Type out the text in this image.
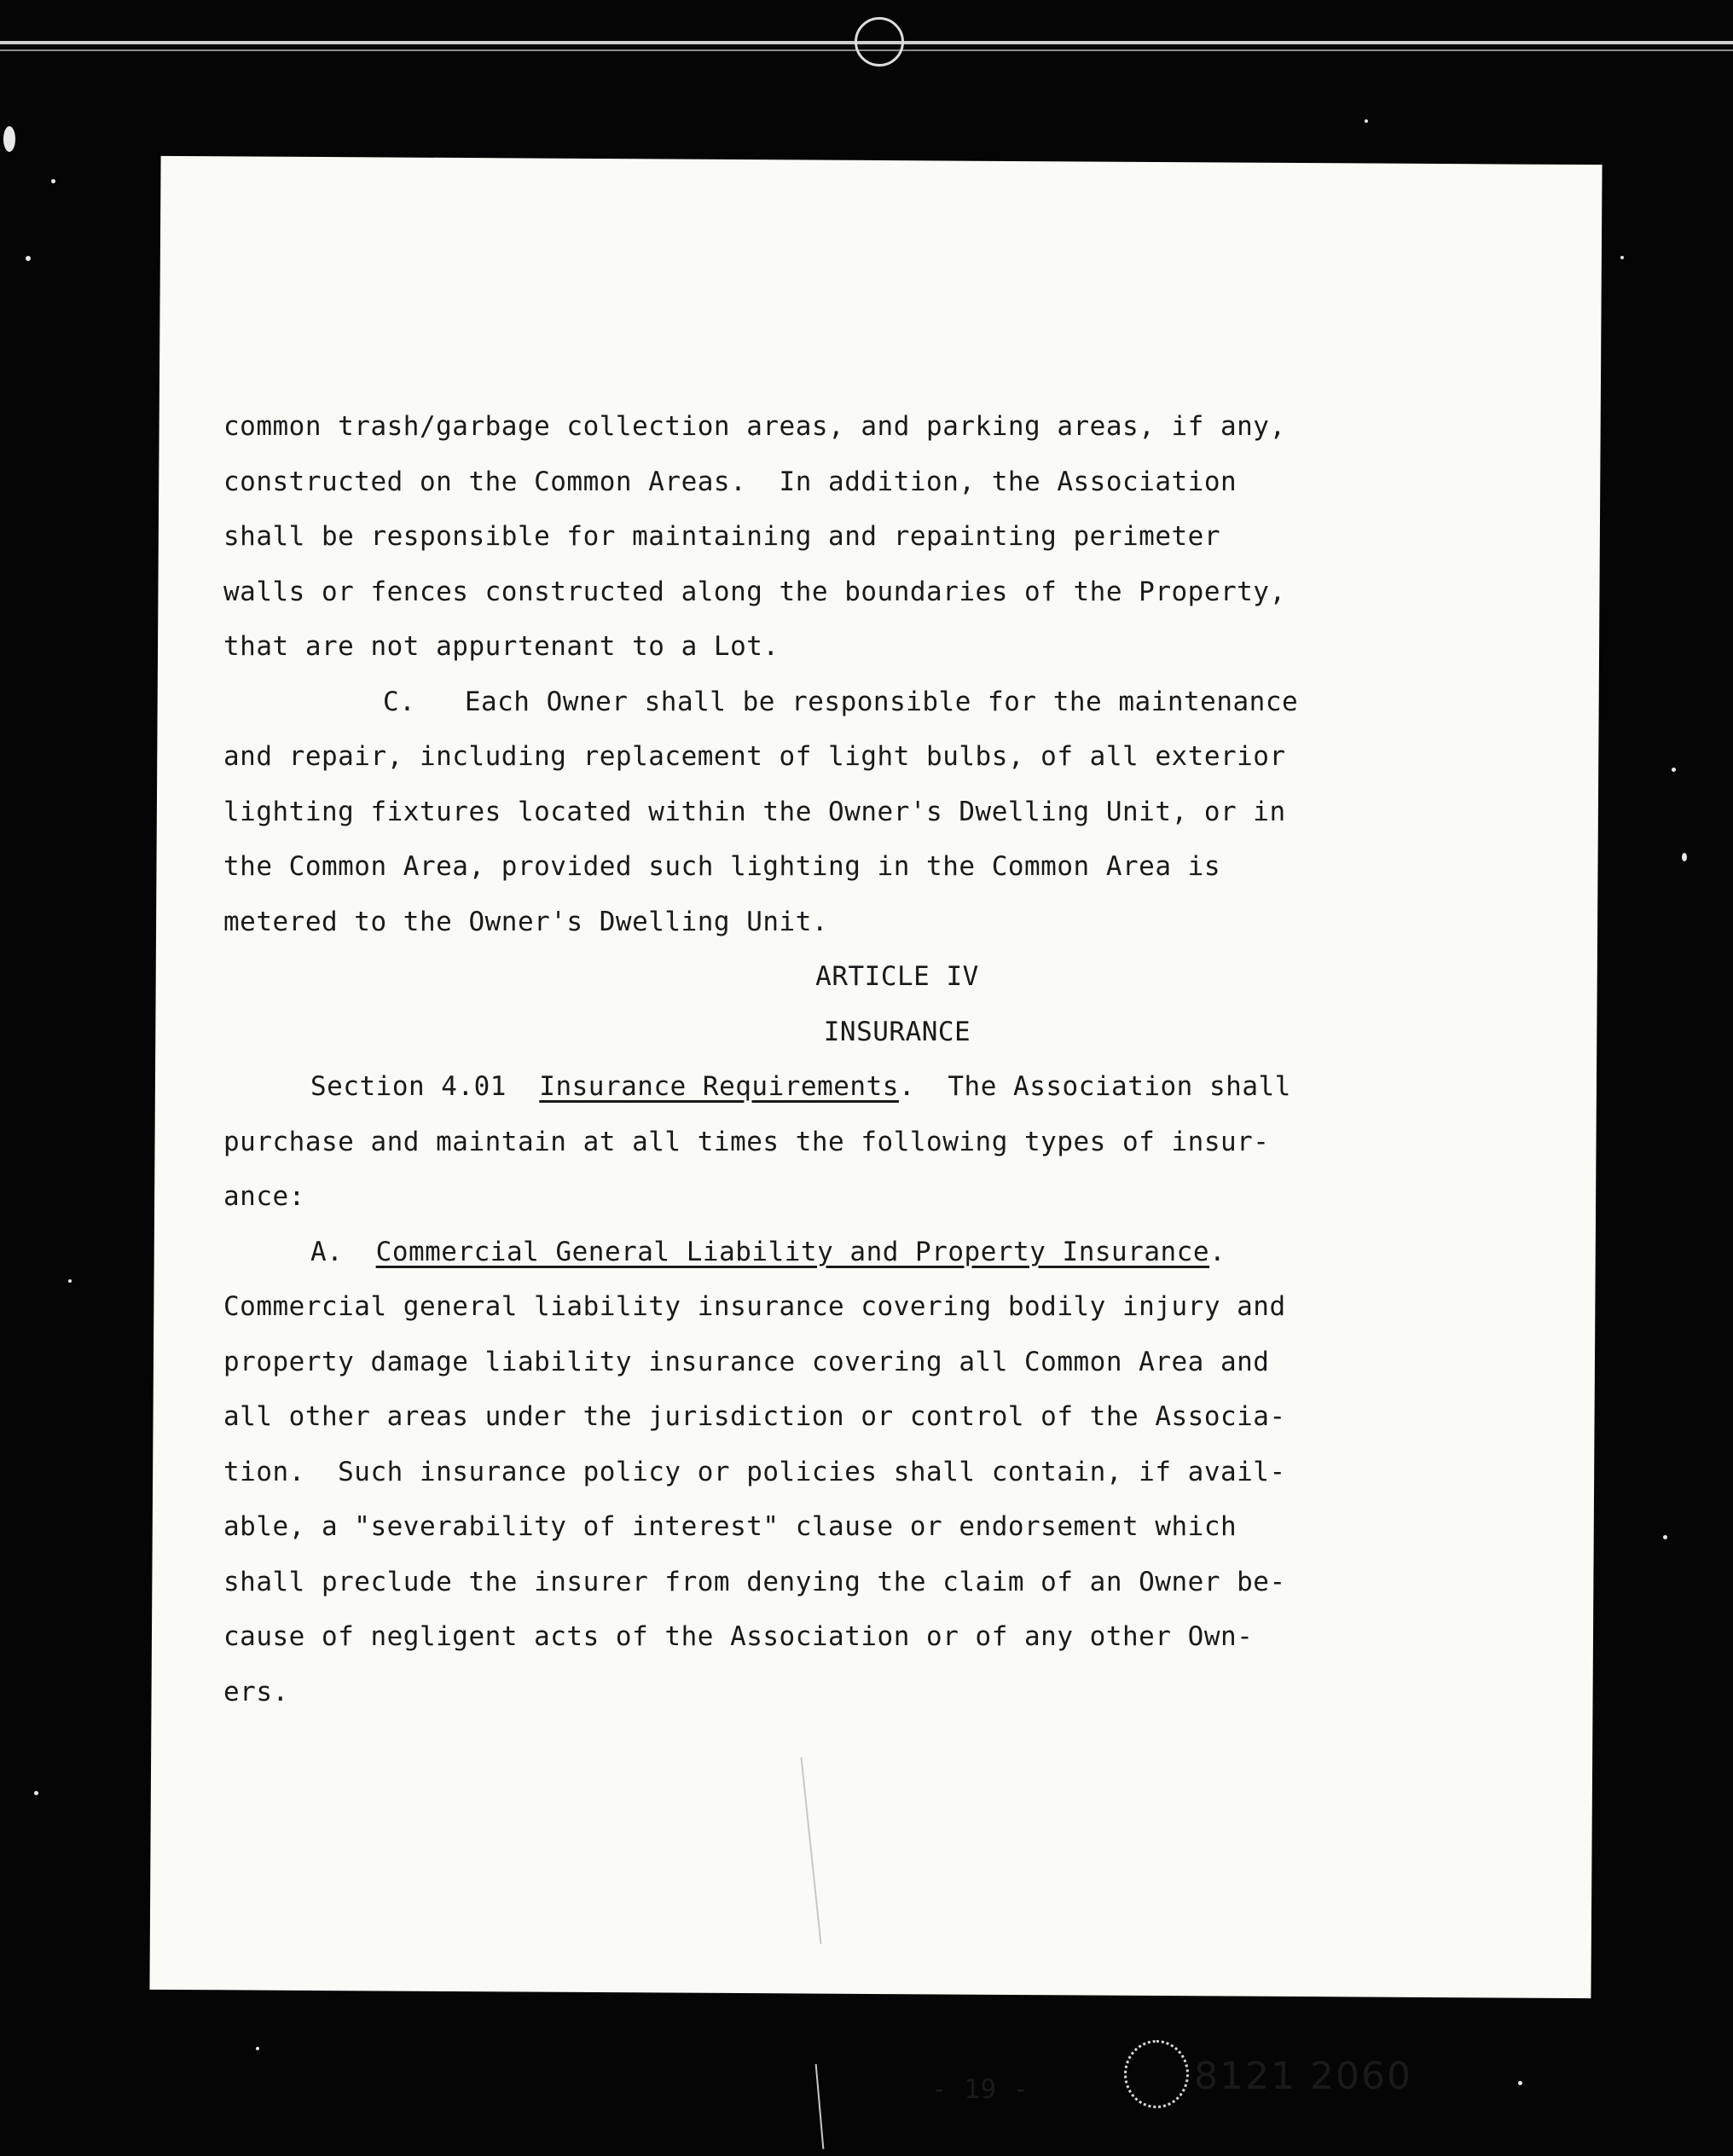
common trash/garbage collection areas, and parking areas, if any,
constructed on the Common Areas.  In addition, the Association
shall be responsible for maintaining and repainting perimeter
walls or fences constructed along the boundaries of the Property,
that are not appurtenant to a Lot.
C.   Each Owner shall be responsible for the maintenance
and repair, including replacement of light bulbs, of all exterior
lighting fixtures located within the Owner's Dwelling Unit, or in
the Common Area, provided such lighting in the Common Area is
metered to the Owner's Dwelling Unit.
ARTICLE IV
INSURANCE
Section 4.01 Insurance Requirements.  The Association shall
purchase and maintain at all times the following types of insur-
ance:
A. Commercial General Liability and Property Insurance.
Commercial general liability insurance covering bodily injury and
property damage liability insurance covering all Common Area and
all other areas under the jurisdiction or control of the Associa-
tion.  Such insurance policy or policies shall contain, if avail-
able, a "severability of interest" clause or endorsement which
shall preclude the insurer from denying the claim of an Owner be-
cause of negligent acts of the Association or of any other Own-
ers.
- 19 -	8121 2060
